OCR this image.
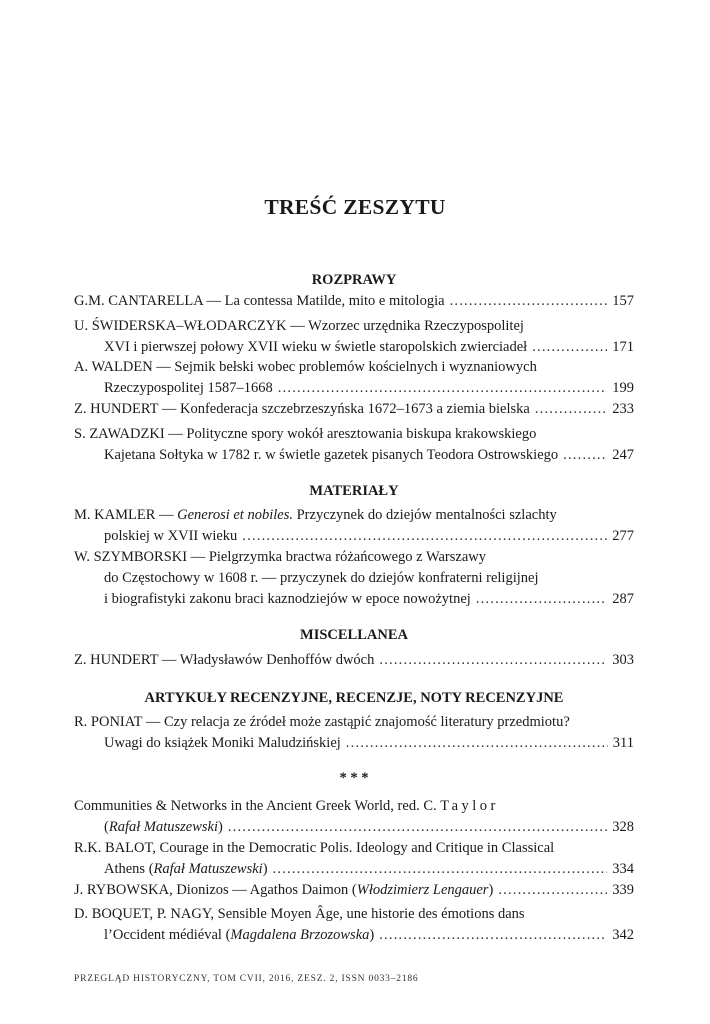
TREŚĆ ZESZYTU
ROZPRAWY
G.M. CANTARELLA — La contessa Matilde, mito e mitologia .....	157
U. ŚWIDERSKA–WŁODARCZYK — Wzorzec urzędnika Rzeczypospolitej
XVI i pierwszej połowy XVII wieku w świetle staropolskich zwierciadeł .....	171
A. WALDEN — Sejmik bełski wobec problemów kościelnych i wyznaniowych
Rzeczypospolitej 1587–1668 .....	199
Z. HUNDERT — Konfederacja szczebrzeszyńska 1672–1673 a ziemia bielska .....	233
S. ZAWADZKI — Polityczne spory wokół aresztowania biskupa krakowskiego
Kajetana Sołtyka w 1782 r. w świetle gazetek pisanych Teodora Ostrowskiego .....	247
MATERIAŁY
M. KAMLER — Generosi et nobiles. Przyczynek do dziejów mentalności szlachty
polskiej w XVII wieku .....	277
W. SZYMBORSKI — Pielgrzymka bractwa różańcowego z Warszawy
do Częstochowy w 1608 r. — przyczynek do dziejów konfraterni religijnej
i biografistyki zakonu braci kaznodziejów w epoce nowożytnej .....	287
MISCELLANEA
Z. HUNDERT — Władysławów Denhoffów dwóch .....	303
ARTYKUŁY RECENZYJNE, RECENZJE, NOTY RECENZYJNE
R. PONIAT — Czy relacja ze źródeł może zastąpić znajomość literatury przedmiotu?
Uwagi do książek Moniki Maludzińskiej .....	311
* * *
Communities & Networks in the Ancient Greek World, red. C. Taylor
(Rafał Matuszewski) .....	328
R.K. BALOT, Courage in the Democratic Polis. Ideology and Critique in Classical
Athens (Rafał Matuszewski) .....	334
J. RYBOWSKA, Dionizos — Agathos Daimon (Włodzimierz Lengauer) .....	339
D. BOQUET, P. NAGY, Sensible Moyen Âge, une historie des émotions dans
l’Occident médiéval (Magdalena Brzozowska) .....	342
PRZEGLĄD HISTORYCZNY, TOM CVII, 2016, ZESZ. 2, ISSN 0033–2186
